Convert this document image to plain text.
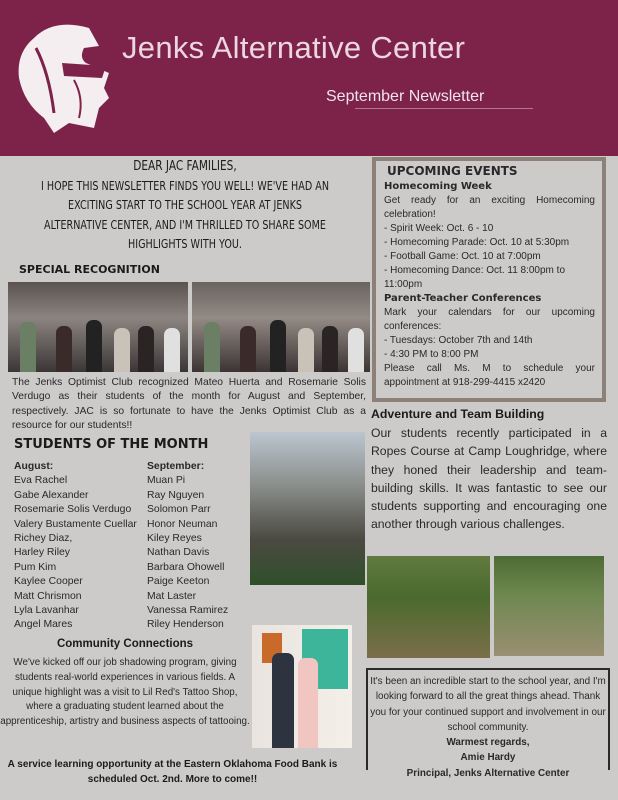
Jenks Alternative Center
September Newsletter
DEAR JAC FAMILIES,
I HOPE THIS NEWSLETTER FINDS YOU WELL! WE'VE HAD AN
EXCITING START TO THE SCHOOL YEAR AT JENKS
ALTERNATIVE CENTER, AND I'M THRILLED TO SHARE SOME
HIGHLIGHTS WITH YOU.
SPECIAL RECOGNITION
The Jenks Optimist Club recognized Mateo Huerta and Rosemarie Solis Verdugo as their students of the month for August and September, respectively. JAC is so fortunate to have the Jenks Optimist Club as a resource for our students!!
STUDENTS OF THE MONTH
August:
Eva Rachel
Gabe Alexander
Rosemarie Solis Verdugo
Valery Bustamente Cuellar
Richey Diaz,
Harley Riley
Pum Kim
Kaylee Cooper
Matt Chrismon
Lyla Lavanhar
Angel Mares
September:
Muan Pi
Ray Nguyen
Solomon Parr
Honor Neuman
Kiley Reyes
Nathan Davis
Barbara Ohowell
Paige Keeton
Mat Laster
Vanessa Ramirez
Riley Henderson
Community Connections
We've kicked off our job shadowing program, giving students real-world experiences in various fields. A unique highlight was a visit to Lil Red's Tattoo Shop, where a graduating student learned about the apprenticeship, artistry and business aspects of tattooing.
A service learning opportunity at the Eastern Oklahoma Food Bank is scheduled Oct. 2nd. More to come!!
UPCOMING EVENTS
Homecoming Week

Get ready for an exciting Homecoming celebration!

- Spirit Week: Oct. 6 - 10
- Homecoming Parade: Oct. 10 at 5:30pm
- Football Game: Oct. 10 at 7:00pm
- Homecoming Dance: Oct. 11 8:00pm to 11:00pm
Parent-Teacher Conferences

Mark your calendars for our upcoming conferences:

- Tuesdays: October 7th and 14th
- 4:30 PM to 8:00 PM

Please call Ms. M to schedule your appointment at 918-299-4415 x2420

Adventure and Team Building
Our students recently participated in a Ropes Course at Camp Loughridge, where they honed their leadership and team-building skills. It was fantastic to see our students supporting and encouraging one another through various challenges.
It's been an incredible start to the school year, and I'm looking forward to all the great things ahead. Thank you for your continued support and involvement in our school community.
Warmest regards,
Amie Hardy
Principal, Jenks Alternative Center
